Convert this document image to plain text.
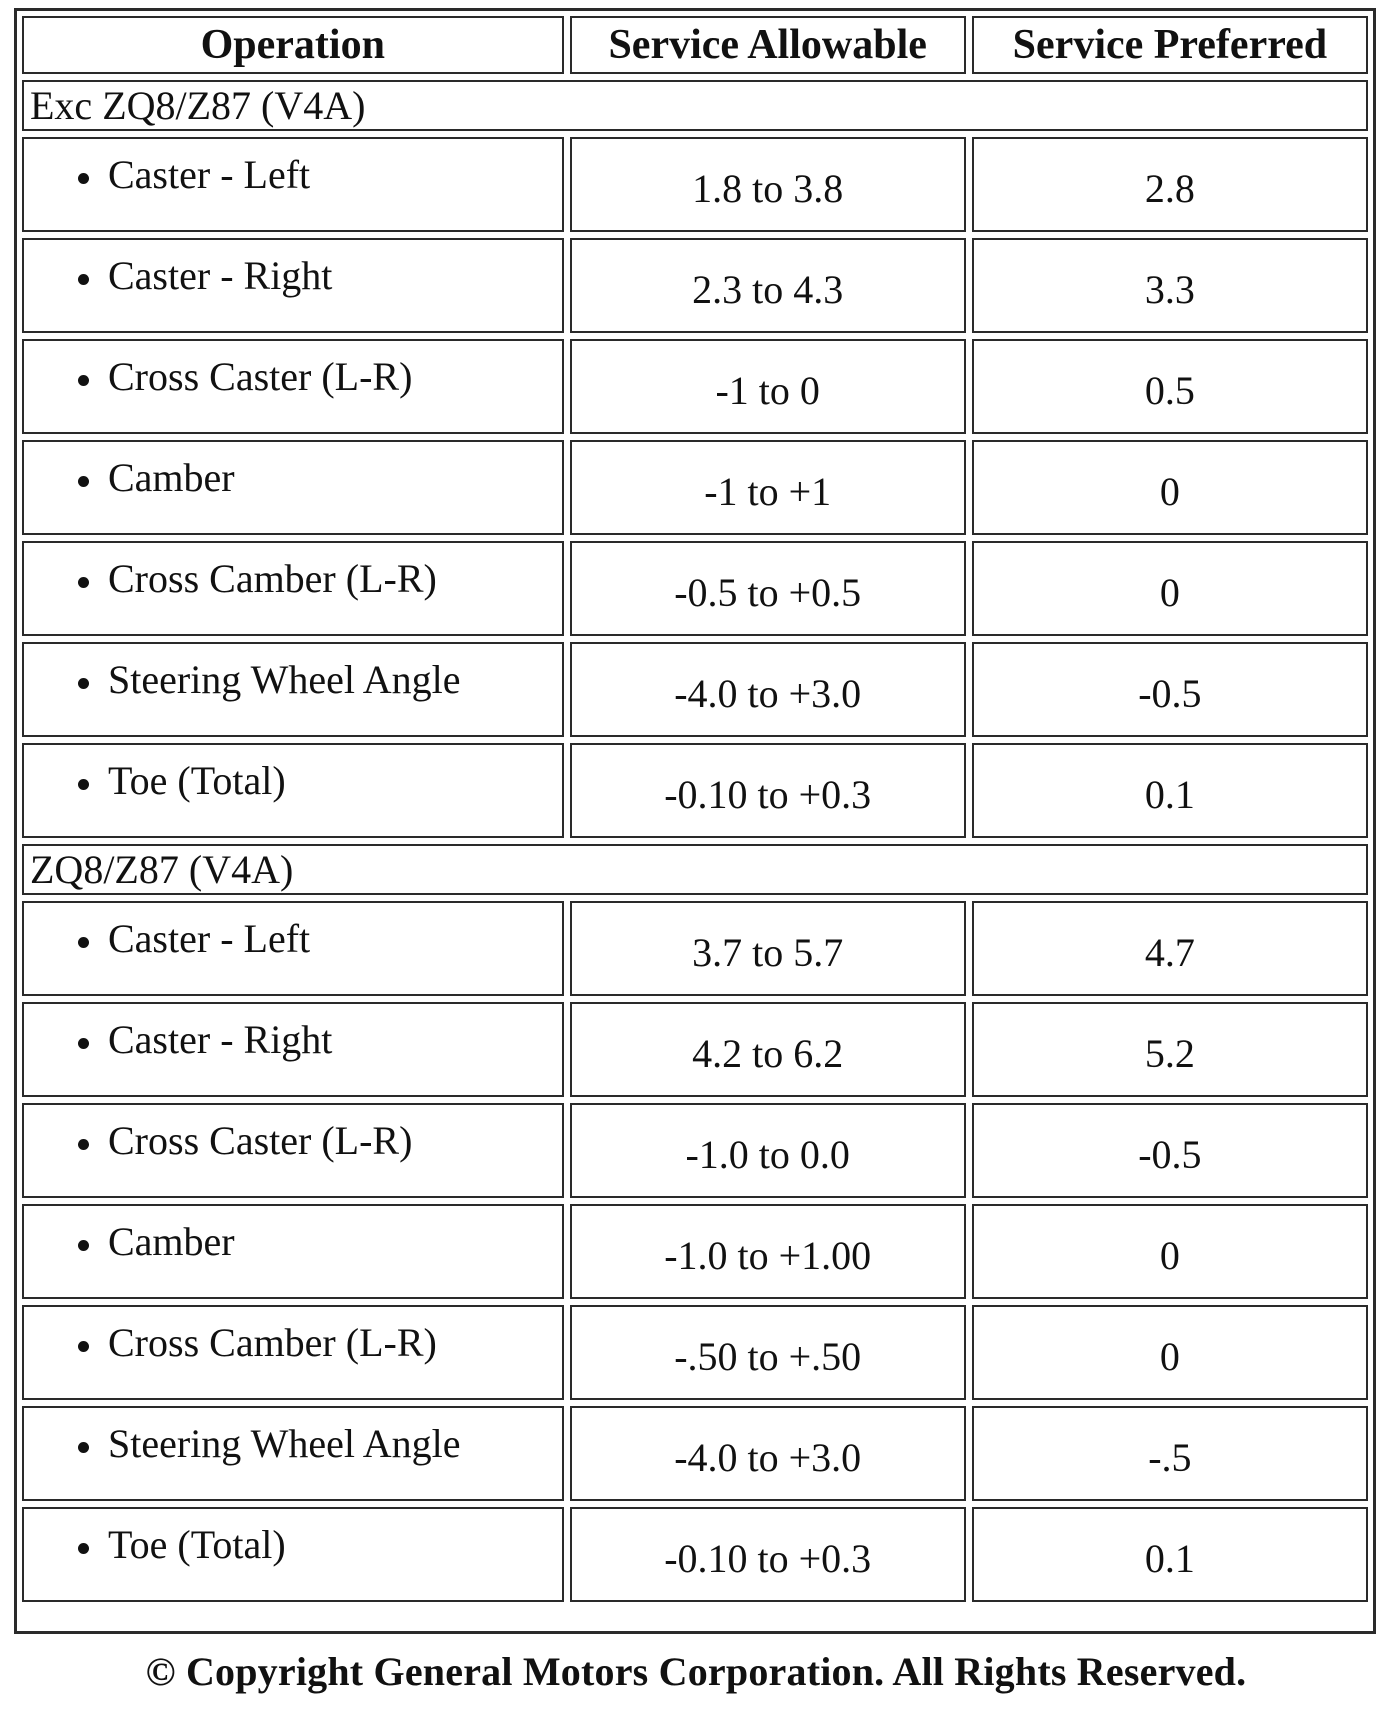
Operation	Service Allowable	Service Preferred
Exc ZQ8/Z87 (V4A)		

Caster - Left	1.8 to 3.8	2.8

Caster - Right	2.3 to 4.3	3.3

Cross Caster (L-R)	-1 to 0	0.5

Camber	-1 to +1	0

Cross Camber (L-R)	-0.5 to +0.5	0

Steering Wheel Angle	-4.0 to +3.0	-0.5

Toe (Total)	-0.10 to +0.3	0.1
ZQ8/Z87 (V4A)		

Caster - Left	3.7 to 5.7	4.7

Caster - Right	4.2 to 6.2	5.2

Cross Caster (L-R)	-1.0 to 0.0	-0.5

Camber	-1.0 to +1.00	0

Cross Camber (L-R)	-.50 to +.50	0

Steering Wheel Angle	-4.0 to +3.0	-.5

Toe (Total)	-0.10 to +0.3	0.1
© Copyright General Motors Corporation. All Rights Reserved.
